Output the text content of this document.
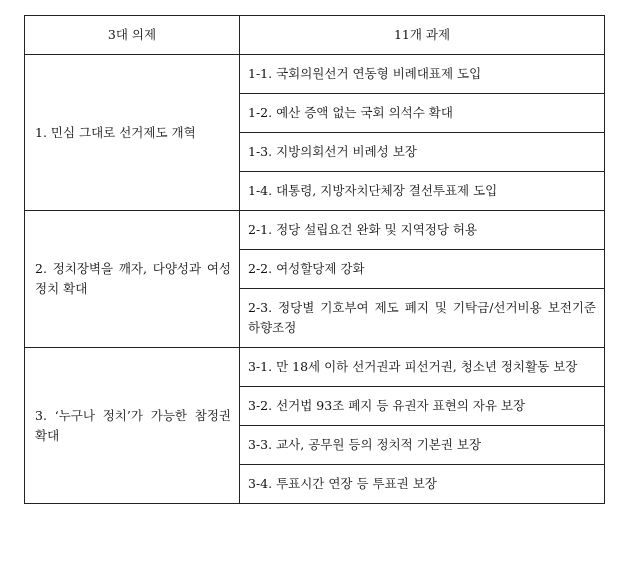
3대 의제	11개 과제
1. 민심 그대로 선거제도 개혁	1-1. 국회의원선거 연동형 비례대표제 도입
	1-2. 예산 증액 없는 국회 의석수 확대
	1-3. 지방의회선거 비례성 보장
	1-4. 대통령, 지방자치단체장 결선투표제 도입
2. 정치장벽을 깨자, 다양성과 여성정치 확대	2-1. 정당 설립요건 완화 및 지역정당 허용
	2-2. 여성할당제 강화
	2-3. 정당별 기호부여 제도 폐지 및 기탁금/선거비용 보전기준 하향조정
3. ‘누구나 정치’가 가능한 참정권 확대	3-1. 만 18세 이하 선거권과 피선거권, 청소년 정치활동 보장
	3-2. 선거법 93조 폐지 등 유권자 표현의 자유 보장
	3-3. 교사, 공무원 등의 정치적 기본권 보장
	3-4. 투표시간 연장 등 투표권 보장
